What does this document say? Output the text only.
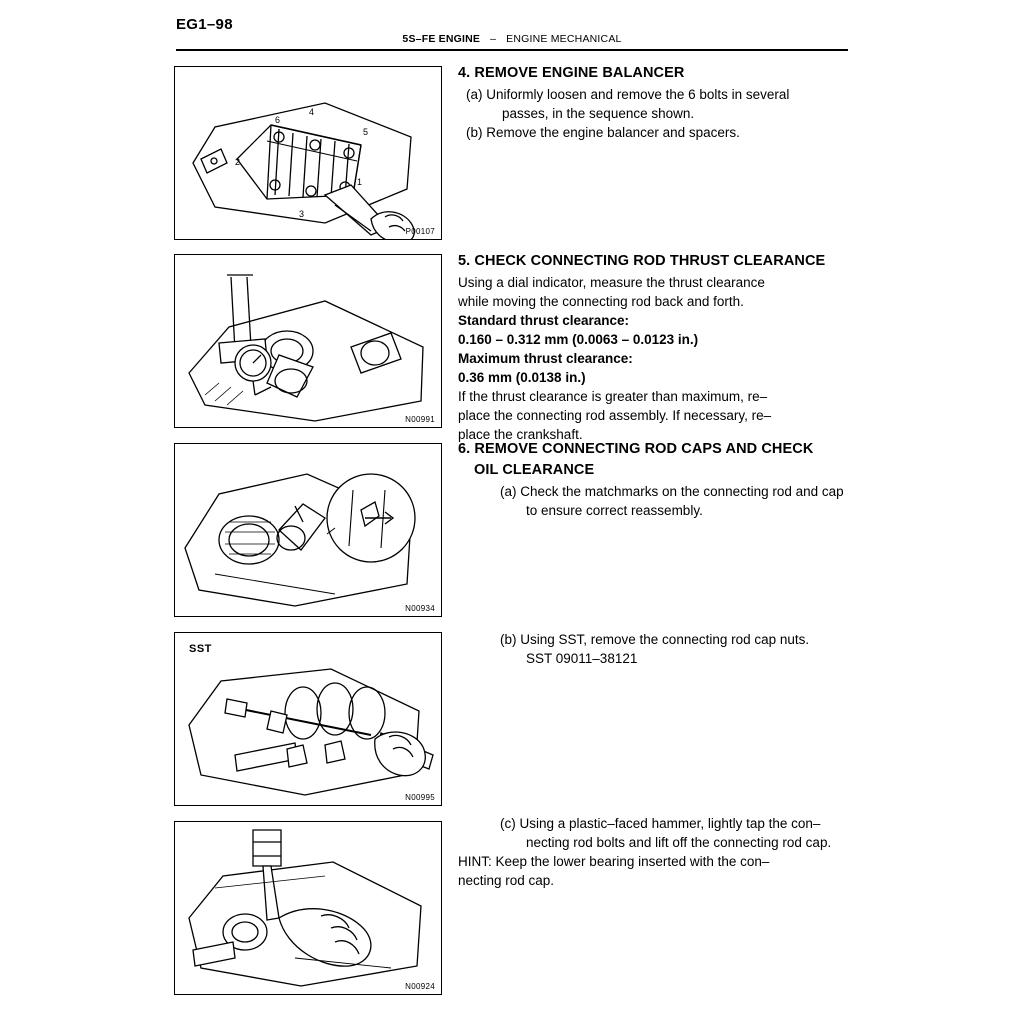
EG1–98
5S–FE ENGINE – ENGINE MECHANICAL
4
6
5
2
1
3
P00107
N00991
N00934
SST
N00995
N00924

4. REMOVE ENGINE BALANCER

(a) Uniformly loosen and remove the 6 bolts in several

passes, in the sequence shown.

(b) Remove the engine balancer and spacers.

5. CHECK CONNECTING ROD THRUST CLEARANCE

Using a dial indicator, measure the thrust clearance

while moving the connecting rod back and forth.

Standard thrust clearance:

0.160 – 0.312 mm (0.0063 – 0.0123 in.)

Maximum thrust clearance:

0.36 mm (0.0138 in.)

If the thrust clearance is greater than maximum, re–

place the connecting rod assembly. If necessary, re–

place the crankshaft.

6. REMOVE CONNECTING ROD CAPS AND CHECK

OIL CLEARANCE

(a) Check the matchmarks on the connecting rod and cap

to ensure correct reassembly.

(b) Using SST, remove the connecting rod cap nuts.

SST 09011–38121

(c) Using a plastic–faced hammer, lightly tap the con–

necting rod bolts and lift off the connecting rod cap.

HINT: Keep the lower bearing inserted with the con–

necting rod cap.
